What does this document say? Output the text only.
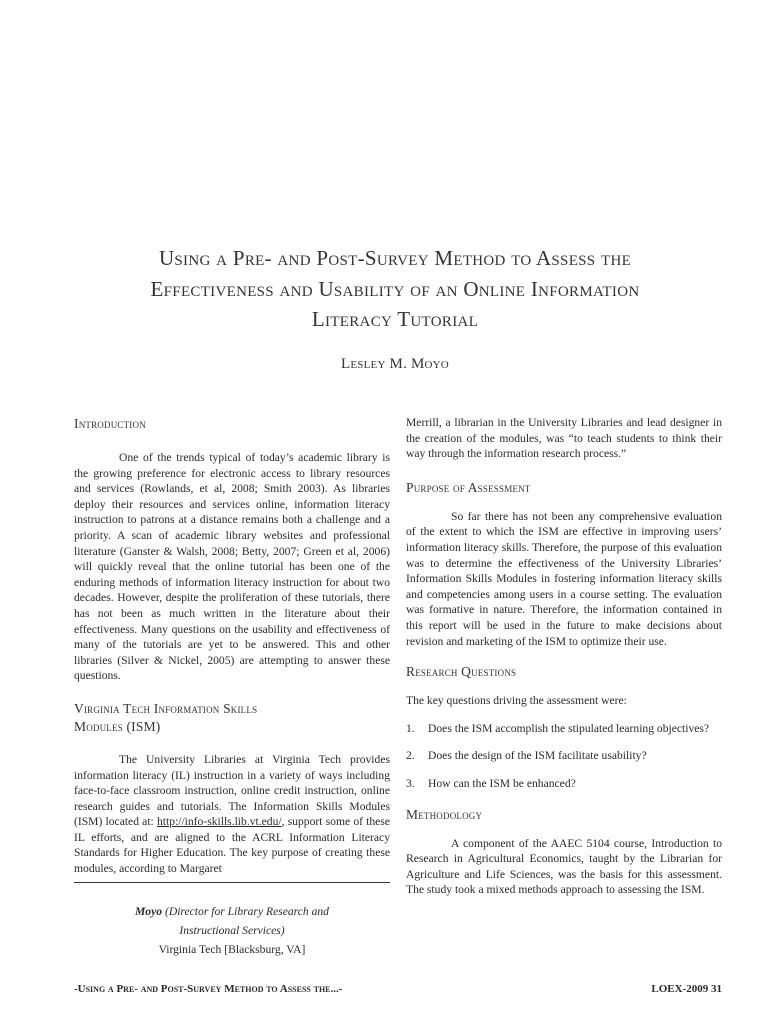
Using a Pre- and Post-Survey Method to Assess the
Effectiveness and Usability of an Online Information
Literacy Tutorial
Lesley M. Moyo
Introduction

One of the trends typical of today’s academic library is the growing preference for electronic access to library resources and services (Rowlands, et al, 2008; Smith 2003). As libraries deploy their resources and services online, information literacy instruction to patrons at a distance remains both a challenge and a priority. A scan of academic library websites and professional literature (Ganster & Walsh, 2008; Betty, 2007; Green et al, 2006) will quickly reveal that the online tutorial has been one of the enduring methods of information literacy instruction for about two decades. However, despite the proliferation of these tutorials, there has not been as much written in the literature about their effectiveness. Many questions on the usability and effectiveness of many of the tutorials are yet to be answered. This and other libraries (Silver & Nickel, 2005) are attempting to answer these questions.

Virginia Tech Information Skills
Modules (ISM)

The University Libraries at Virginia Tech provides information literacy (IL) instruction in a variety of ways including face-to-face classroom instruction, online credit instruction, online research guides and tutorials. The Information Skills Modules (ISM) located at: http://info-skills.lib.vt.edu/, support some of these IL efforts, and are aligned to the ACRL Information Literacy Standards for Higher Education. The key purpose of creating these modules, according to Margaret

Moyo (Director for Library Research and Instructional Services)
Virginia Tech [Blacksburg, VA]

Merrill, a librarian in the University Libraries and lead designer in the creation of the modules, was “to teach students to think their way through the information research process.”

Purpose of Assessment

So far there has not been any comprehensive evaluation of the extent to which the ISM are effective in improving users’ information literacy skills. Therefore, the purpose of this evaluation was to determine the effectiveness of the University Libraries’ Information Skills Modules in fostering information literacy skills and competencies among users in a course setting. The evaluation was formative in nature. Therefore, the information contained in this report will be used in the future to make decisions about revision and marketing of the ISM to optimize their use.

Research Questions

The key questions driving the assessment were:

1. Does the ISM accomplish the stipulated learning objectives?
2. Does the design of the ISM facilitate usability?
3. How can the ISM be enhanced?
Methodology

A component of the AAEC 5104 course, Introduction to Research in Agricultural Economics, taught by the Librarian for Agriculture and Life Sciences, was the basis for this assessment. The study took a mixed methods approach to assessing the ISM.

-Using a Pre- and Post-Survey Method to Assess the...-	LOEX-2009 31
